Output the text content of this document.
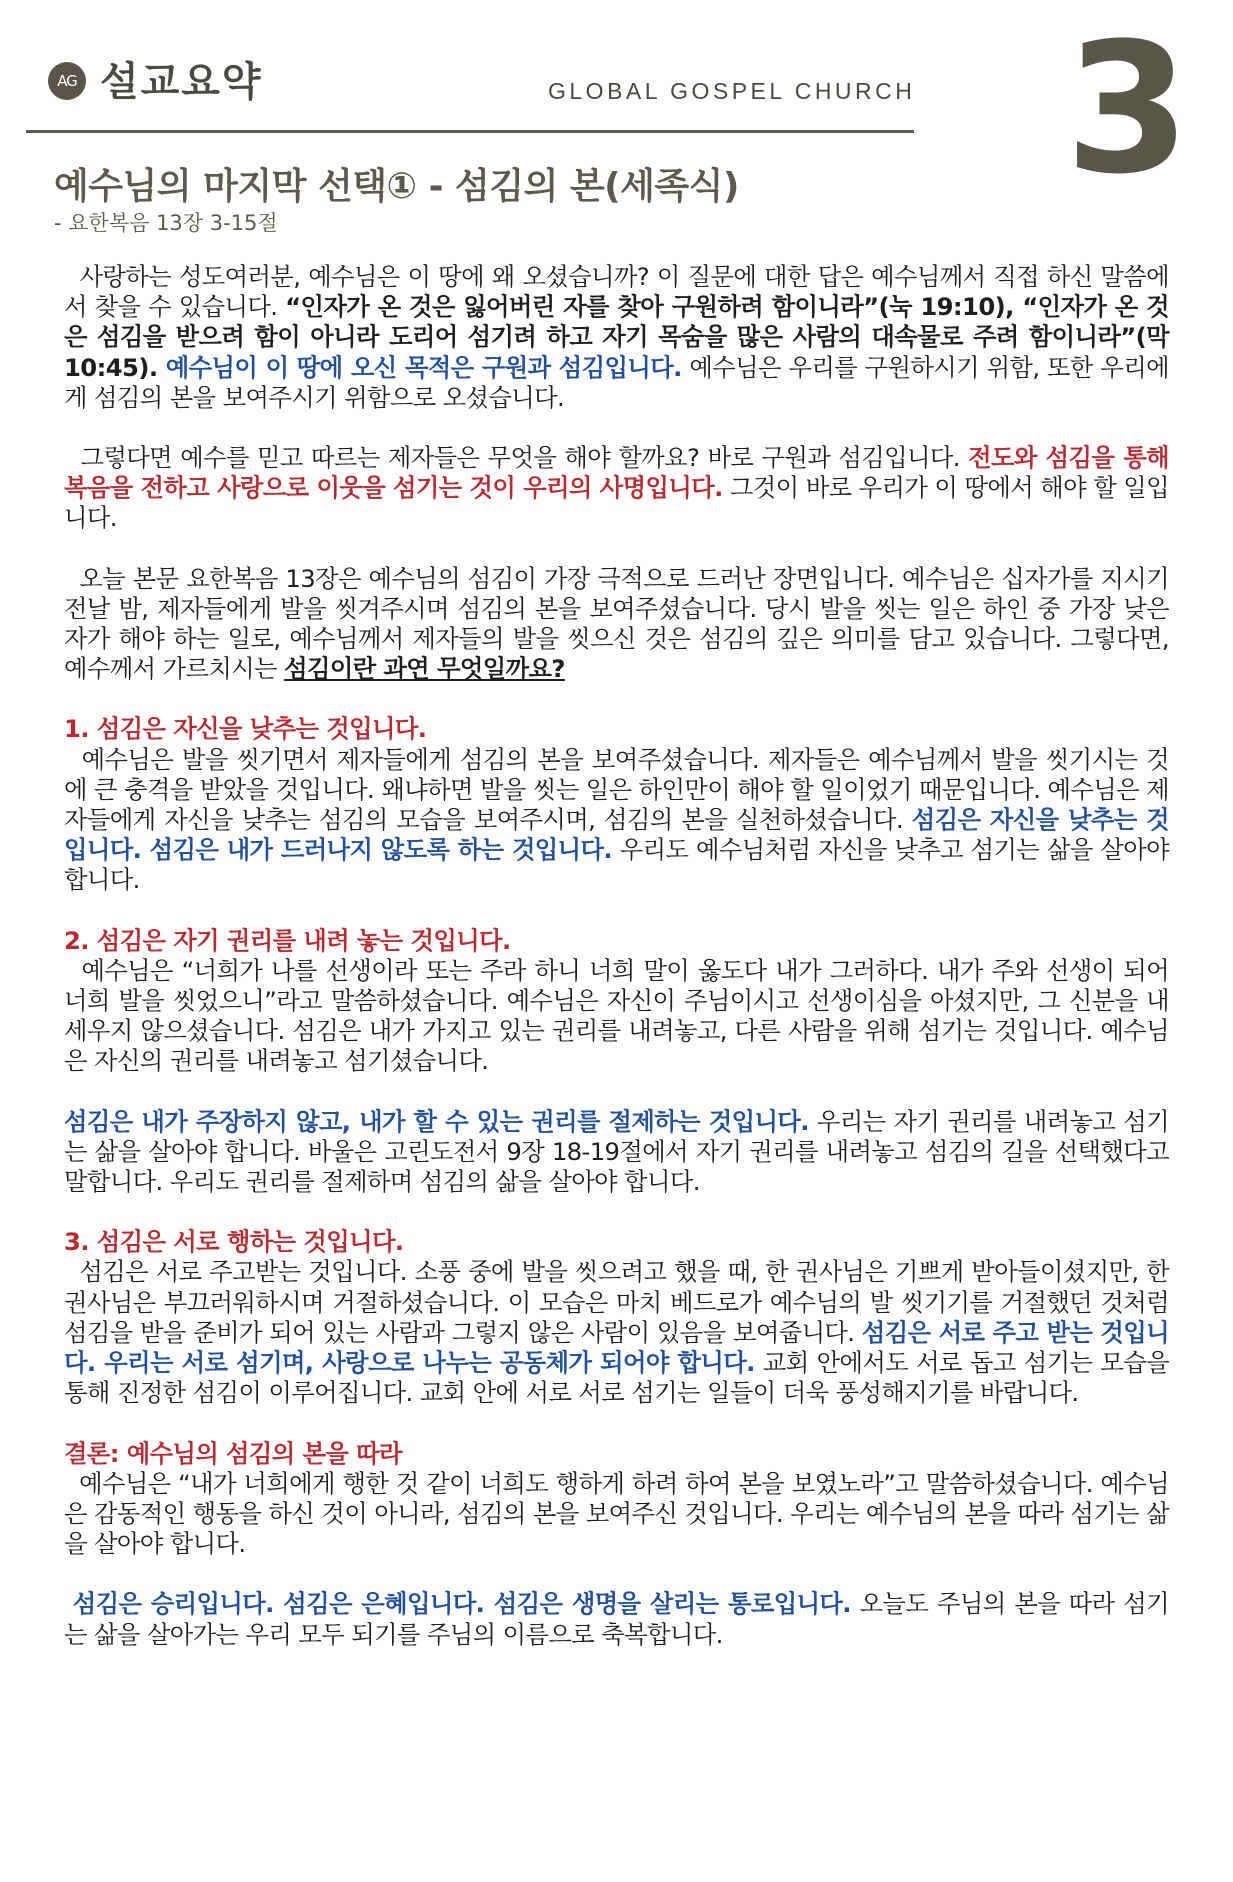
AG 설교요약	GLOBAL GOSPEL CHURCH 3
예수님의 마지막 선택① - 섬김의 본(세족식)
- 요한복음 13장 3-15절

사랑하는 성도여러분, 예수님은 이 땅에 왜 오셨습니까? 이 질문에 대한 답은 예수님께서 직접 하신 말씀에서 찾을 수 있습니다. “인자가 온 것은 잃어버린 자를 찾아 구원하려 함이니라”(눅 19:10), “인자가 온 것은 섬김을 받으려 함이 아니라 도리어 섬기려 하고 자기 목숨을 많은 사람의 대속물로 주려 함이니라”(막 10:45). 예수님이 이 땅에 오신 목적은 구원과 섬김입니다. 예수님은 우리를 구원하시기 위함, 또한 우리에게 섬김의 본을 보여주시기 위함으로 오셨습니다.

그렇다면 예수를 믿고 따르는 제자들은 무엇을 해야 할까요? 바로 구원과 섬김입니다. 전도와 섬김을 통해 복음을 전하고 사랑으로 이웃을 섬기는 것이 우리의 사명입니다. 그것이 바로 우리가 이 땅에서 해야 할 일입니다.

오늘 본문 요한복음 13장은 예수님의 섬김이 가장 극적으로 드러난 장면입니다. 예수님은 십자가를 지시기 전날 밤, 제자들에게 발을 씻겨주시며 섬김의 본을 보여주셨습니다. 당시 발을 씻는 일은 하인 중 가장 낮은 자가 해야 하는 일로, 예수님께서 제자들의 발을 씻으신 것은 섬김의 깊은 의미를 담고 있습니다. 그렇다면, 예수께서 가르치시는 섬김이란 과연 무엇일까요?

1. 섬김은 자신을 낮추는 것입니다.

예수님은 발을 씻기면서 제자들에게 섬김의 본을 보여주셨습니다. 제자들은 예수님께서 발을 씻기시는 것에 큰 충격을 받았을 것입니다. 왜냐하면 발을 씻는 일은 하인만이 해야 할 일이었기 때문입니다. 예수님은 제자들에게 자신을 낮추는 섬김의 모습을 보여주시며, 섬김의 본을 실천하셨습니다. 섬김은 자신을 낮추는 것입니다. 섬김은 내가 드러나지 않도록 하는 것입니다. 우리도 예수님처럼 자신을 낮추고 섬기는 삶을 살아야 합니다.

2. 섬김은 자기 권리를 내려 놓는 것입니다.

예수님은 “너희가 나를 선생이라 또는 주라 하니 너희 말이 옳도다 내가 그러하다. 내가 주와 선생이 되어 너희 발을 씻었으니”라고 말씀하셨습니다. 예수님은 자신이 주님이시고 선생이심을 아셨지만, 그 신분을 내세우지 않으셨습니다. 섬김은 내가 가지고 있는 권리를 내려놓고, 다른 사람을 위해 섬기는 것입니다. 예수님은 자신의 권리를 내려놓고 섬기셨습니다.

섬김은 내가 주장하지 않고, 내가 할 수 있는 권리를 절제하는 것입니다. 우리는 자기 권리를 내려놓고 섬기는 삶을 살아야 합니다. 바울은 고린도전서 9장 18-19절에서 자기 권리를 내려놓고 섬김의 길을 선택했다고 말합니다. 우리도 권리를 절제하며 섬김의 삶을 살아야 합니다.

3. 섬김은 서로 행하는 것입니다.

섬김은 서로 주고받는 것입니다. 소풍 중에 발을 씻으려고 했을 때, 한 권사님은 기쁘게 받아들이셨지만, 한 권사님은 부끄러워하시며 거절하셨습니다. 이 모습은 마치 베드로가 예수님의 발 씻기기를 거절했던 것처럼 섬김을 받을 준비가 되어 있는 사람과 그렇지 않은 사람이 있음을 보여줍니다. 섬김은 서로 주고 받는 것입니다. 우리는 서로 섬기며, 사랑으로 나누는 공동체가 되어야 합니다. 교회 안에서도 서로 돕고 섬기는 모습을 통해 진정한 섬김이 이루어집니다. 교회 안에 서로 서로 섬기는 일들이 더욱 풍성해지기를 바랍니다.

결론: 예수님의 섬김의 본을 따라

예수님은 “내가 너희에게 행한 것 같이 너희도 행하게 하려 하여 본을 보였노라”고 말씀하셨습니다. 예수님은 감동적인 행동을 하신 것이 아니라, 섬김의 본을 보여주신 것입니다. 우리는 예수님의 본을 따라 섬기는 삶을 살아야 합니다.

섬김은 승리입니다. 섬김은 은혜입니다. 섬김은 생명을 살리는 통로입니다. 오늘도 주님의 본을 따라 섬기는 삶을 살아가는 우리 모두 되기를 주님의 이름으로 축복합니다.
